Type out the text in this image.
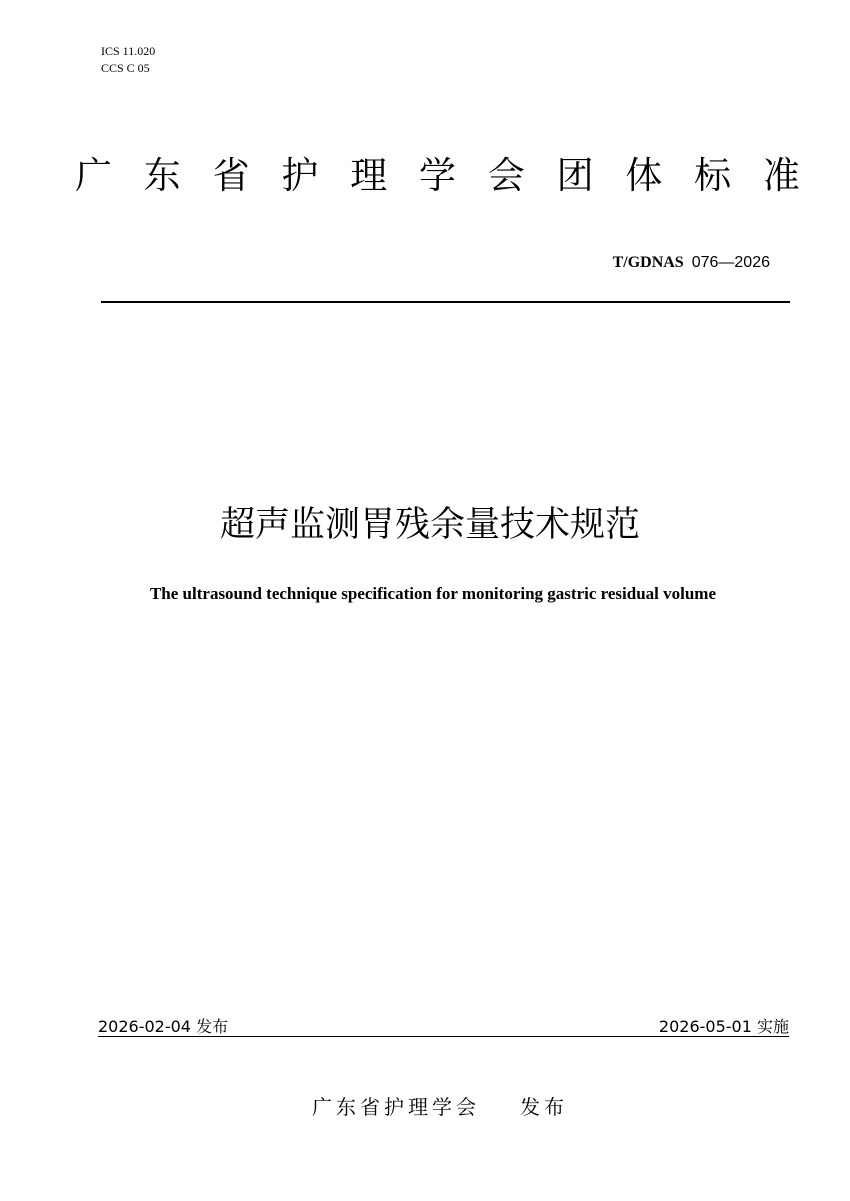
ICS 11.020
CCS C 05
广 东 省 护 理 学 会 团 体 标 准
T/GDNAS 076—2026
超声监测胃残余量技术规范
The ultrasound technique specification for monitoring gastric residual volume
2026-02-04 发布	2026-05-01 实施
广东省护理学会 发布
